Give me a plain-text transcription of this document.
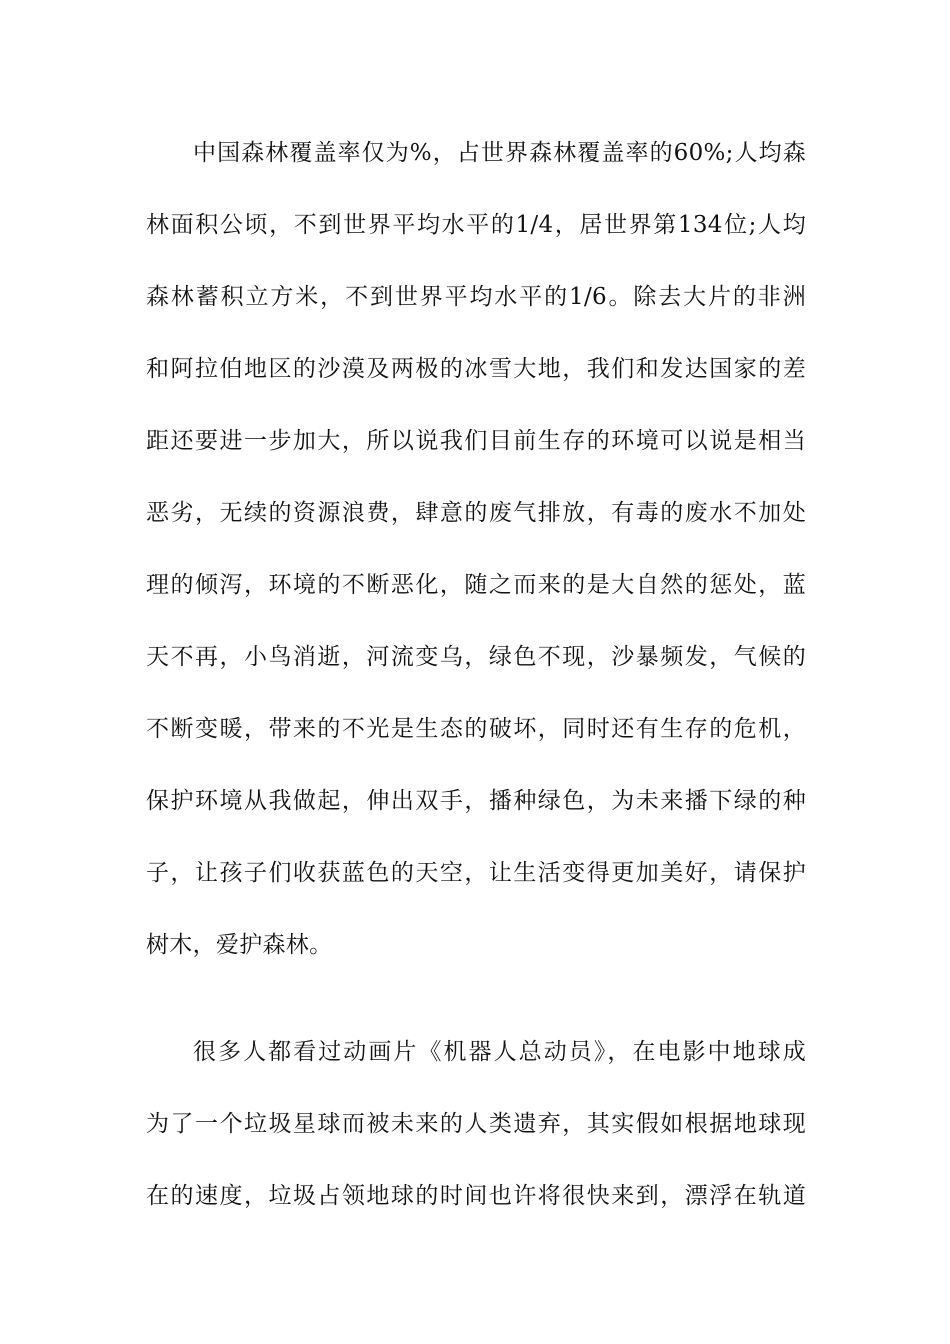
中国森林覆盖率仅为%，占世界森林覆盖率的60%;人均森
林面积公顷，不到世界平均水平的1/4，居世界第134位;人均
森林蓄积立方米，不到世界平均水平的1/6。除去大片的非洲
和阿拉伯地区的沙漠及两极的冰雪大地，我们和发达国家的差
距还要进一步加大，所以说我们目前生存的环境可以说是相当
恶劣，无续的资源浪费，肆意的废气排放，有毒的废水不加处
理的倾泻，环境的不断恶化，随之而来的是大自然的惩处，蓝
天不再，小鸟消逝，河流变乌，绿色不现，沙暴频发，气候的
不断变暖，带来的不光是生态的破坏，同时还有生存的危机，
保护环境从我做起，伸出双手，播种绿色，为未来播下绿的种
子，让孩子们收获蓝色的天空，让生活变得更加美好，请保护
树木，爱护森林。
很多人都看过动画片《机器人总动员》，在电影中地球成
为了一个垃圾星球而被未来的人类遗弃，其实假如根据地球现
在的速度，垃圾占领地球的时间也许将很快来到，漂浮在轨道
